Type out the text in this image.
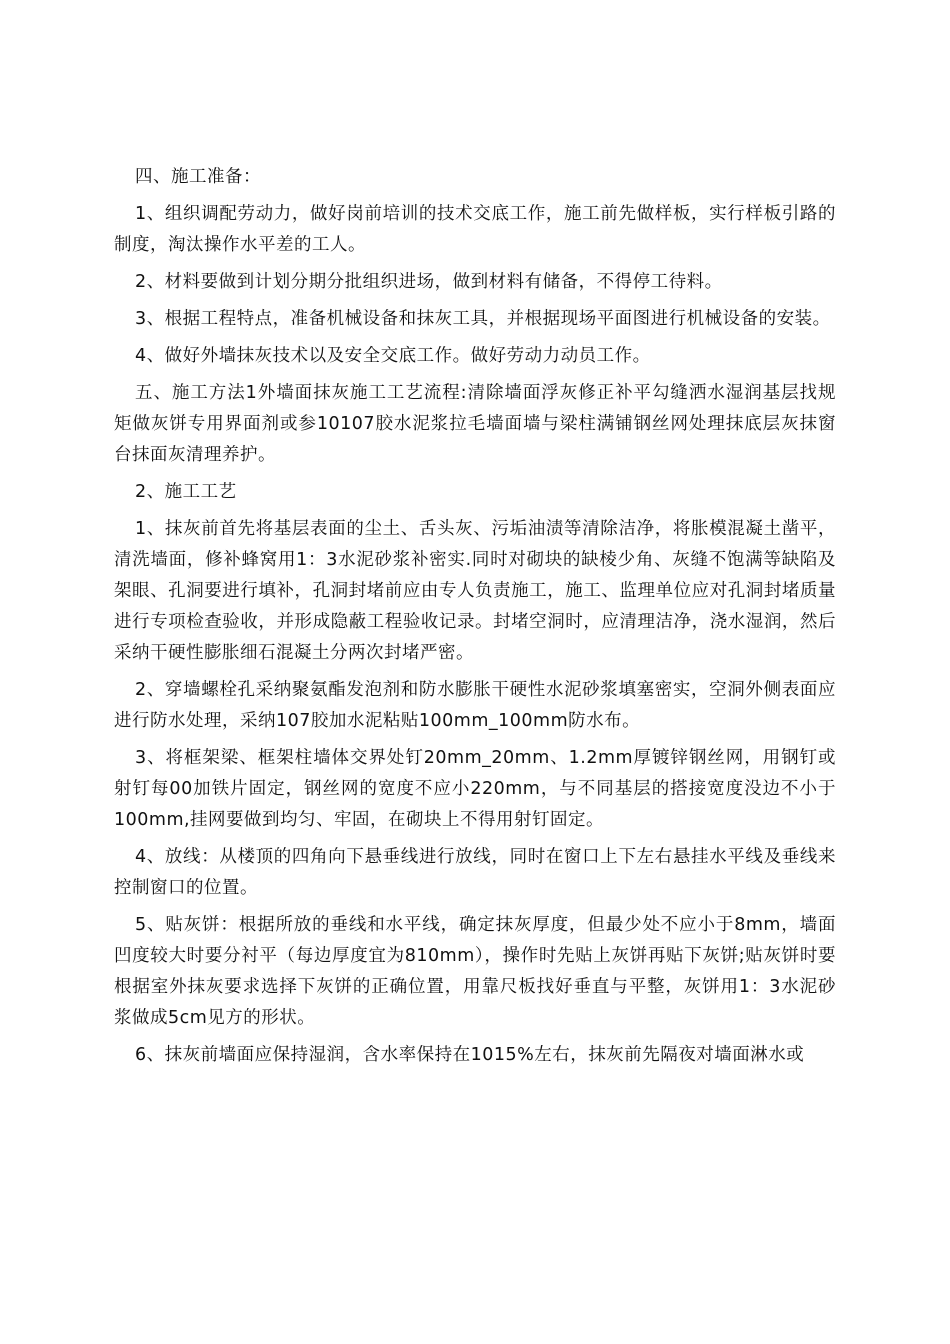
四、施工准备：

1、组织调配劳动力，做好岗前培训的技术交底工作，施工前先做样板，实行样板引路的制度，淘汰操作水平差的工人。

2、材料要做到计划分期分批组织进场，做到材料有储备，不得停工待料。

3、根据工程特点，准备机械设备和抹灰工具，并根据现场平面图进行机械设备的安装。

4、做好外墙抹灰技术以及安全交底工作。做好劳动力动员工作。

五、施工方法1外墙面抹灰施工工艺流程:清除墙面浮灰修正补平勾缝洒水湿润基层找规矩做灰饼专用界面剂或参10107胶水泥浆拉毛墙面墙与梁柱满铺钢丝网处理抹底层灰抹窗台抹面灰清理养护。

2、施工工艺

1、抹灰前首先将基层表面的尘土、舌头灰、污垢油渍等清除洁净，将胀模混凝土凿平，清洗墙面，修补蜂窝用1：3水泥砂浆补密实.同时对砌块的缺棱少角、灰缝不饱满等缺陷及架眼、孔洞要进行填补，孔洞封堵前应由专人负责施工，施工、监理单位应对孔洞封堵质量进行专项检查验收，并形成隐蔽工程验收记录。封堵空洞时，应清理洁净，浇水湿润，然后采纳干硬性膨胀细石混凝土分两次封堵严密。

2、穿墙螺栓孔采纳聚氨酯发泡剂和防水膨胀干硬性水泥砂浆填塞密实，空洞外侧表面应进行防水处理，采纳107胶加水泥粘贴100mm_100mm防水布。

3、将框架梁、框架柱墙体交界处钉20mm_20mm、1.2mm厚镀锌钢丝网，用钢钉或射钉每00加铁片固定，钢丝网的宽度不应小220mm，与不同基层的搭接宽度没边不小于100mm,挂网要做到均匀、牢固，在砌块上不得用射钉固定。

4、放线：从楼顶的四角向下悬垂线进行放线，同时在窗口上下左右悬挂水平线及垂线来控制窗口的位置。

5、贴灰饼：根据所放的垂线和水平线，确定抹灰厚度，但最少处不应小于8mm，墙面凹度较大时要分衬平（每边厚度宜为810mm），操作时先贴上灰饼再贴下灰饼;贴灰饼时要根据室外抹灰要求选择下灰饼的正确位置，用靠尺板找好垂直与平整，灰饼用1：3水泥砂浆做成5cm见方的形状。

6、抹灰前墙面应保持湿润，含水率保持在1015%左右，抹灰前先隔夜对墙面淋水或
